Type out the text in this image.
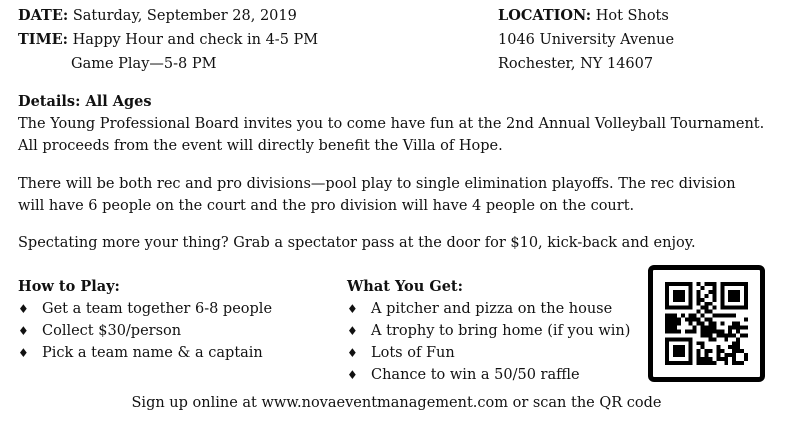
DATE: Saturday, September 28, 2019
TIME: Happy Hour and check in 4-5 PM
Game Play—5-8 PM
LOCATION: Hot Shots
1046 University Avenue
Rochester, NY 14607
Details: All Ages
The Young Professional Board invites you to come have fun at the 2nd Annual Volleyball Tournament.
All proceeds from the event will directly benefit the Villa of Hope.
There will be both rec and pro divisions—pool play to single elimination playoffs. The rec division
will have 6 people on the court and the pro division will have 4 people on the court.
Spectating more your thing? Grab a spectator pass at the door for $10, kick-back and enjoy.
How to Play:
♦ Get a team together 6-8 people
♦ Collect $30/person
♦ Pick a team name & a captain
What You Get:
♦ A pitcher and pizza on the house
♦ A trophy to bring home (if you win)
♦ Lots of Fun
♦ Chance to win a 50/50 raffle
Sign up online at www.novaeventmanagement.com or scan the QR code
